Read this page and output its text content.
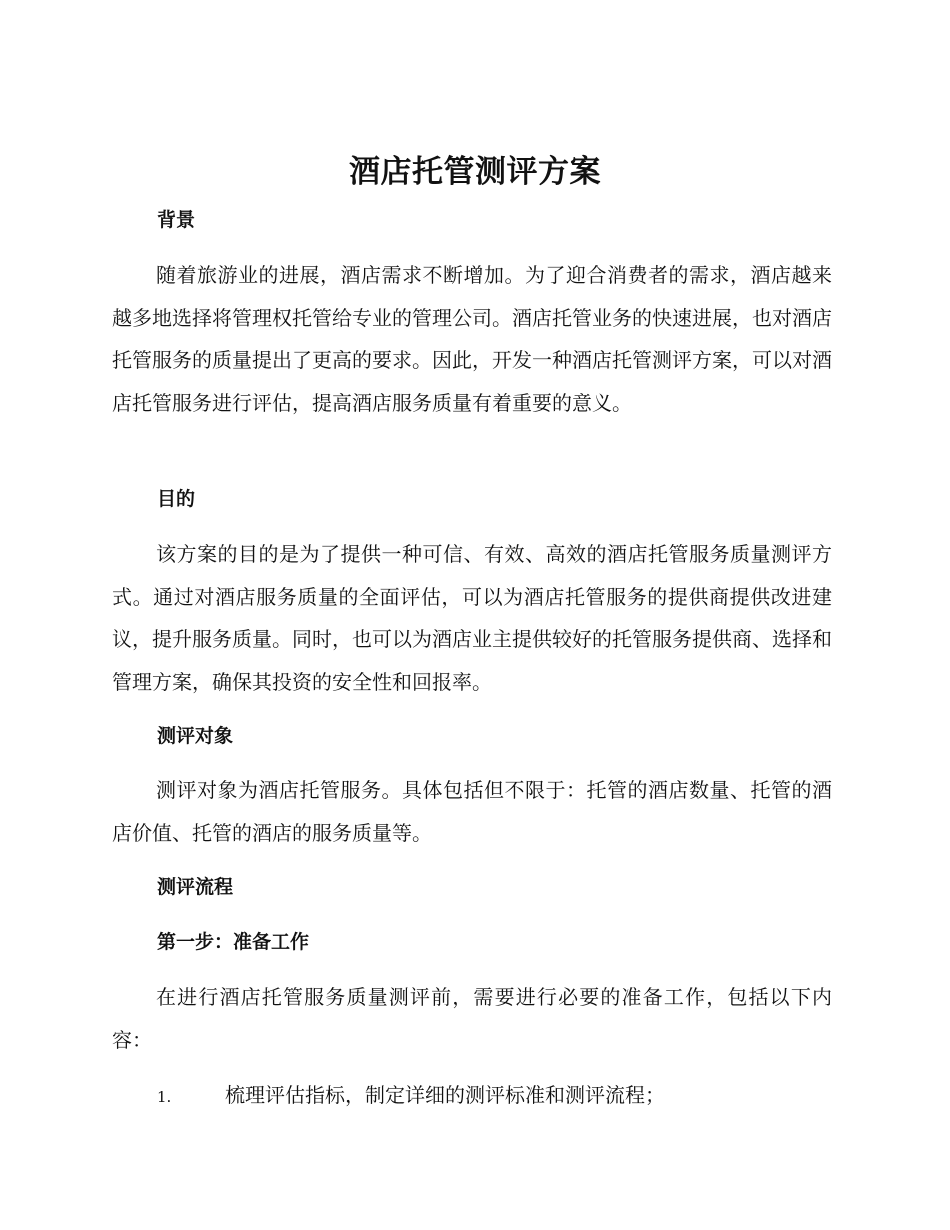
酒店托管测评方案
背景

随着旅游业的进展，酒店需求不断增加。为了迎合消费者的需求，酒店越来越多地选择将管理权托管给专业的管理公司。酒店托管业务的快速进展，也对酒店托管服务的质量提出了更高的要求。因此，开发一种酒店托管测评方案，可以对酒店托管服务进行评估，提高酒店服务质量有着重要的意义。

目的

该方案的目的是为了提供一种可信、有效、高效的酒店托管服务质量测评方式。通过对酒店服务质量的全面评估，可以为酒店托管服务的提供商提供改进建议，提升服务质量。同时，也可以为酒店业主提供较好的托管服务提供商、选择和管理方案，确保其投资的安全性和回报率。

测评对象

测评对象为酒店托管服务。具体包括但不限于：托管的酒店数量、托管的酒店价值、托管的酒店的服务质量等。

测评流程
第一步：准备工作

在进行酒店托管服务质量测评前，需要进行必要的准备工作，包括以下内容：

1.	梳理评估指标，制定详细的测评标准和测评流程；
